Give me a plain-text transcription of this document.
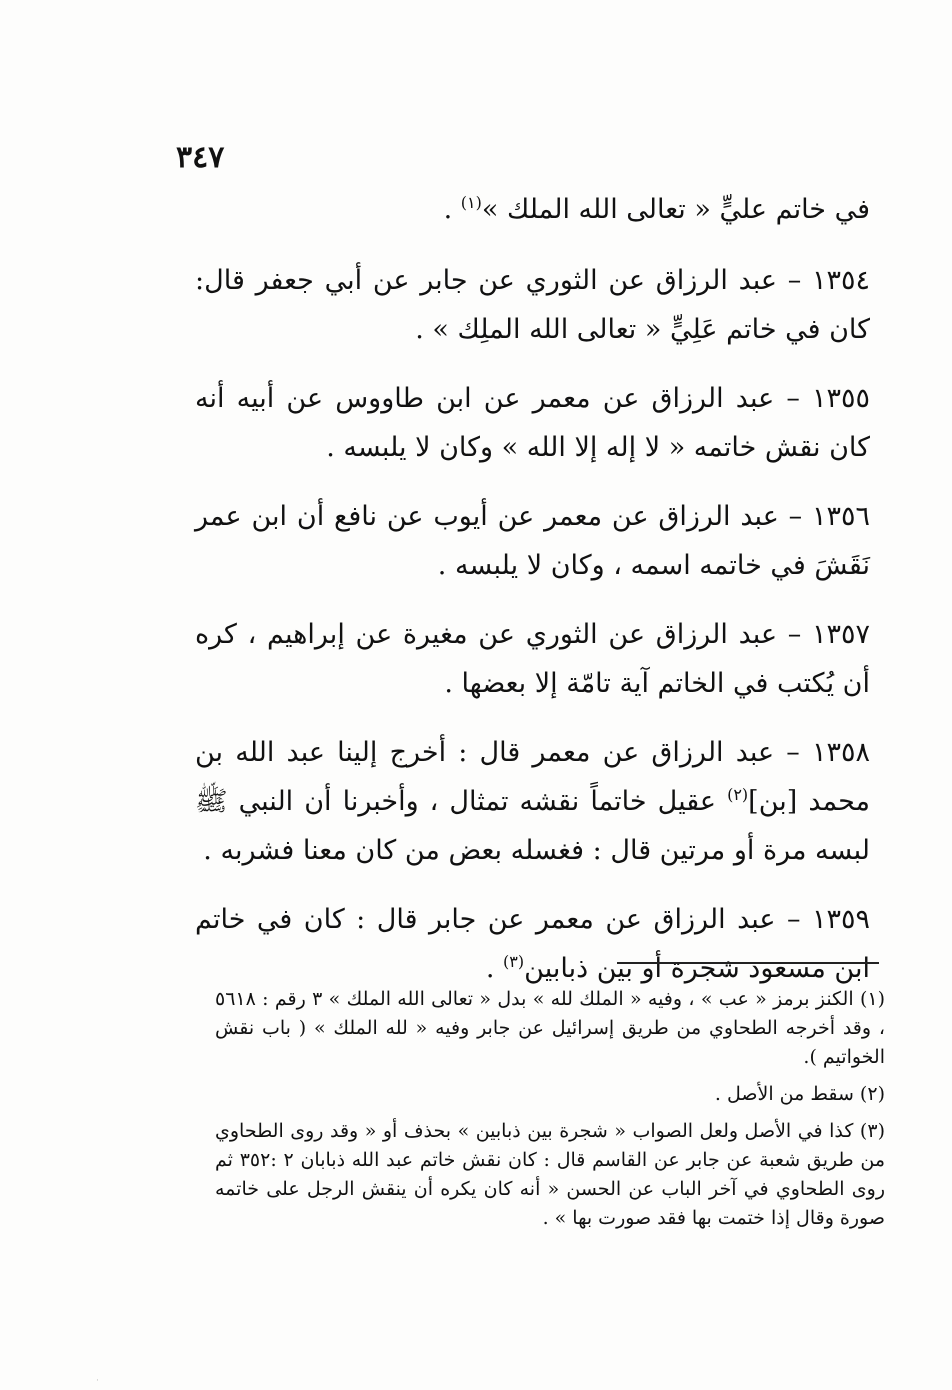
٣٤٧

في خاتم عليٍّ « تعالى الله الملك »$^{(١)}$ .

١٣٥٤ – عبد الرزاق عن الثوري عن جابر عن أبي جعفر قال: كان في خاتم عَلِيٍّ « تعالى الله الملِك » .

١٣٥٥ – عبد الرزاق عن معمر عن ابن طاووس عن أبيه أنه كان نقش خاتمه « لا إله إلا الله » وكان لا يلبسه .

١٣٥٦ – عبد الرزاق عن معمر عن أيوب عن نافع أن ابن عمر نَقَشَ في خاتمه اسمه ، وكان لا يلبسه .

١٣٥٧ – عبد الرزاق عن الثوري عن مغيرة عن إبراهيم ، كره أن يُكتب في الخاتم آية تامّة إلا بعضها .

١٣٥٨ – عبد الرزاق عن معمر قال : أخرج إلينا عبد الله بن محمد [بن]$^{(٢)}$ عقيل خاتماً نقشه تمثال ، وأخبرنا أن النبي ﷺ لبسه مرة أو مرتين قال : فغسله بعض من كان معنا فشربه .

١٣٥٩ – عبد الرزاق عن معمر عن جابر قال : كان في خاتم ابن مسعود شجرة أو بين ذبابين$^{(٣)}$ .

(١) الكنز برمز « عب » ، وفيه « الملك لله » بدل « تعالى الله الملك » ٣ رقم : ٥٦١٨ ، وقد أخرجه الطحاوي من طريق إسرائيل عن جابر وفيه « لله الملك » ( باب نقش الخواتيم ).

(٢) سقط من الأصل .

(٣) كذا في الأصل ولعل الصواب « شجرة بين ذبابين » بحذف أو « وقد روى الطحاوي من طريق شعبة عن جابر عن القاسم قال : كان نقش خاتم عبد الله ذبابان ٢ :٣٥٢ ثم روى الطحاوي في آخر الباب عن الحسن « أنه كان يكره أن ينقش الرجل على خاتمه صورة وقال إذا ختمت بها فقد صورت بها » .

·
